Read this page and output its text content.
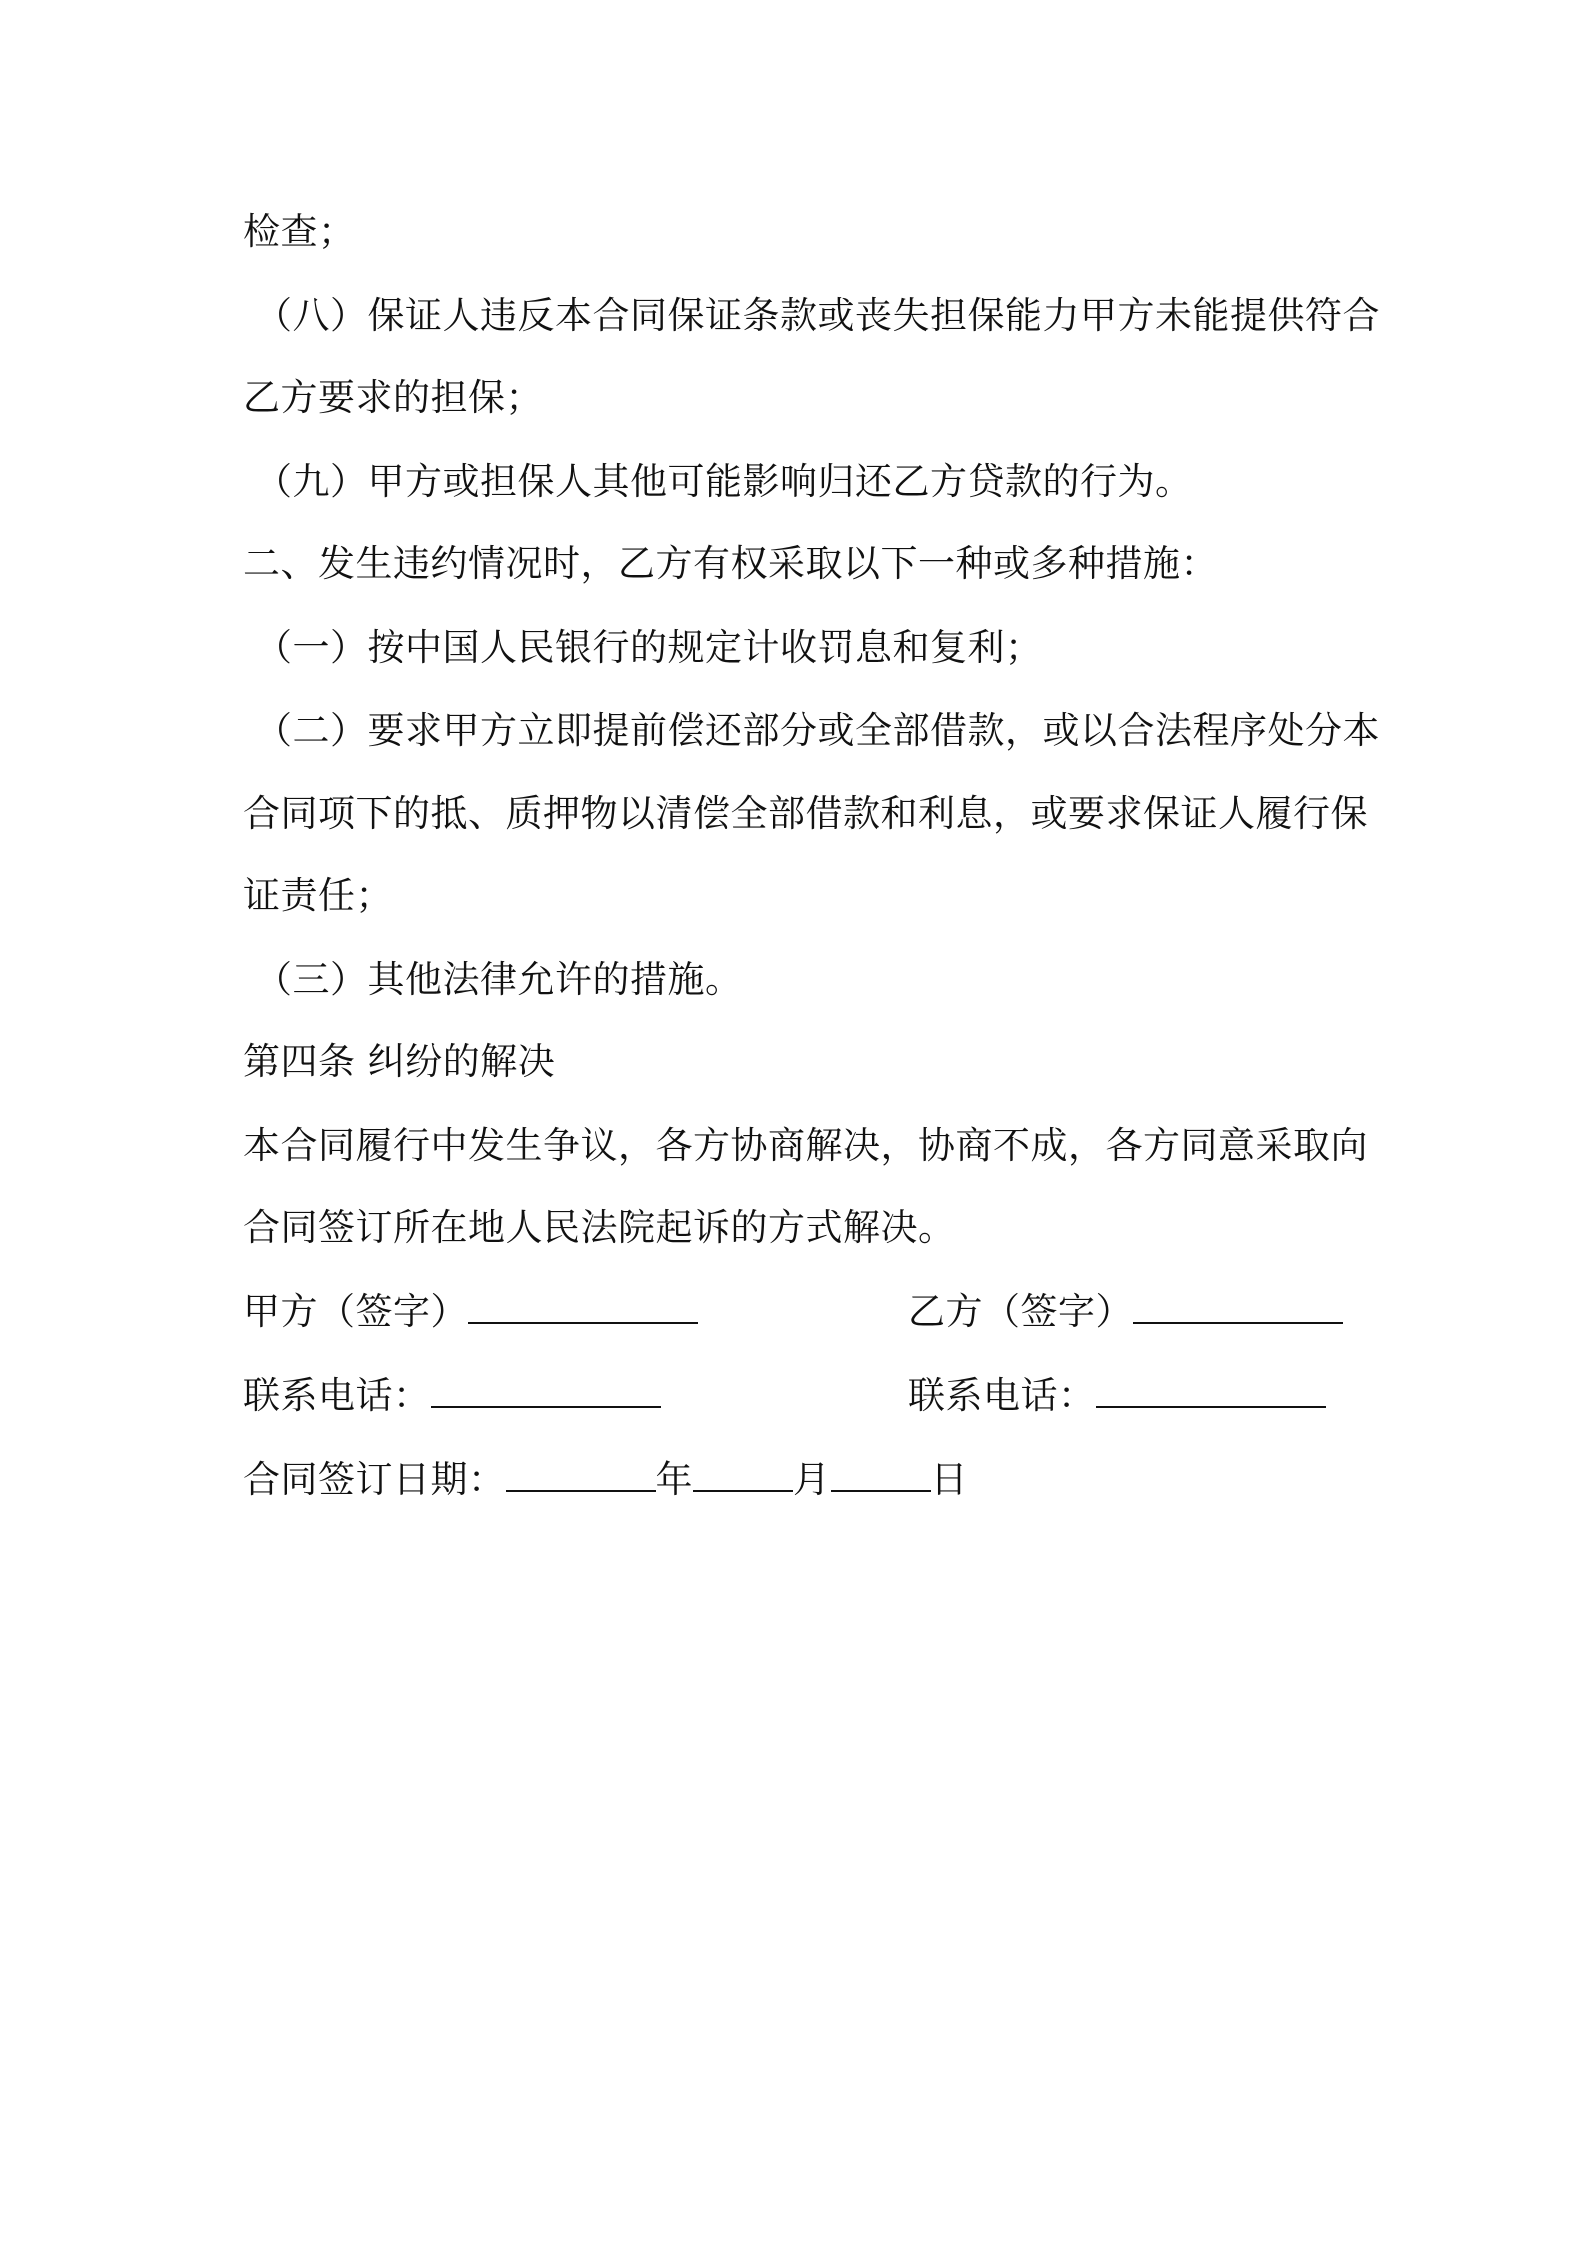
检查；
（八）保证人违反本合同保证条款或丧失担保能力甲方未能提供符合
乙方要求的担保；
（九）甲方或担保人其他可能影响归还乙方贷款的行为。
二、发生违约情况时，乙方有权采取以下一种或多种措施：
（一）按中国人民银行的规定计收罚息和复利；
（二）要求甲方立即提前偿还部分或全部借款，或以合法程序处分本
合同项下的抵、质押物以清偿全部借款和利息，或要求保证人履行保
证责任；
（三）其他法律允许的措施。
第四条 纠纷的解决
本合同履行中发生争议，各方协商解决，协商不成，各方同意采取向
合同签订所在地人民法院起诉的方式解决。
甲方（签字）	乙方（签字）
联系电话：	联系电话：
合同签订日期：	年	月	日
